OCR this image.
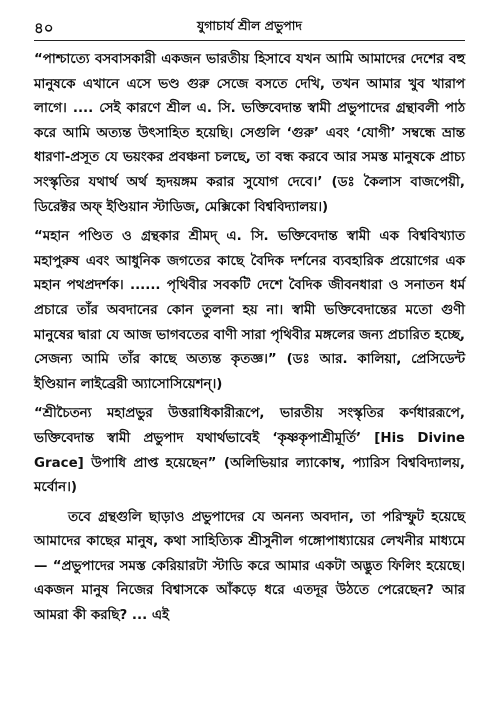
৪০	যুগাচার্য শ্রীল প্রভুপাদ

“পাশ্চাত্যে বসবাসকারী একজন ভারতীয় হিসাবে যখন আমি আমাদের দেশের বহু মানুষকে এখানে এসে ভণ্ড গুরু সেজে বসতে দেখি, তখন আমার খুব খারাপ লাগে। .... সেই কারণে শ্রীল এ. সি. ভক্তিবেদান্ত স্বামী প্রভুপাদের গ্রন্থাবলী পাঠ করে আমি অত্যন্ত উৎসাহিত হয়েছি। সেগুলি ‘গুরু’ এবং ‘যোগী’ সম্বন্ধে ভ্রান্ত ধারণা-প্রসূত যে ভয়ংকর প্রবঞ্চনা চলছে, তা বন্ধ করবে আর সমস্ত মানুষকে প্রাচ্য সংস্কৃতির যথার্থ অর্থ হৃদয়ঙ্গম করার সুযোগ দেবে।’ (ডঃ কৈলাস বাজপেয়ী, ডিরেক্টর অফ্ ইণ্ডিয়ান স্টাডিজ, মেক্সিকো বিশ্ববিদ্যালয়।)

“মহান পণ্ডিত ও গ্রন্থকার শ্রীমদ্ এ. সি. ভক্তিবেদান্ত স্বামী এক বিশ্ববিখ্যাত মহাপুরুষ এবং আধুনিক জগতের কাছে বৈদিক দর্শনের ব্যবহারিক প্রয়োগের এক মহান পথপ্রদর্শক। ...... পৃথিবীর সবকটি দেশে বৈদিক জীবনধারা ও সনাতন ধর্ম প্রচারে তাঁর অবদানের কোন তুলনা হয় না। স্বামী ভক্তিবেদান্তের মতো গুণী মানুষের দ্বারা যে আজ ভাগবতের বাণী সারা পৃথিবীর মঙ্গলের জন্য প্রচারিত হচ্ছে, সেজন্য আমি তাঁর কাছে অত্যন্ত কৃতজ্ঞ।” (ডঃ আর. কালিয়া, প্রেসিডেন্ট ইণ্ডিয়ান লাইব্রেরী অ্যাসোসিয়েশন্।)

“শ্রীচৈতন্য মহাপ্রভুর উত্তরাধিকারীরূপে, ভারতীয় সংস্কৃতির কর্ণধাররূপে, ভক্তিবেদান্ত স্বামী প্রভুপাদ যথার্থভাবেই ‘কৃষ্ণকৃপাশ্রীমূর্তি’ [His Divine Grace] উপাধি প্রাপ্ত হয়েছেন” (অলিভিয়ার ল্যাকোম্ব, প্যারিস বিশ্ববিদ্যালয়, মর্বোন।)

তবে গ্রন্থগুলি ছাড়াও প্রভুপাদের যে অনন্য অবদান, তা পরিস্ফুট হয়েছে আমাদের কাছের মানুষ, কথা সাহিত্যিক শ্রীসুনীল গঙ্গোপাধ্যায়ের লেখনীর মাধ্যমে — “প্রভুপাদের সমস্ত কেরিয়ারটা স্টাডি করে আমার একটা অদ্ভুত ফিলিং হয়েছে। একজন মানুষ নিজের বিশ্বাসকে আঁকড়ে ধরে এতদূর উঠতে পেরেছেন? আর আমরা কী করছি? ... এই
